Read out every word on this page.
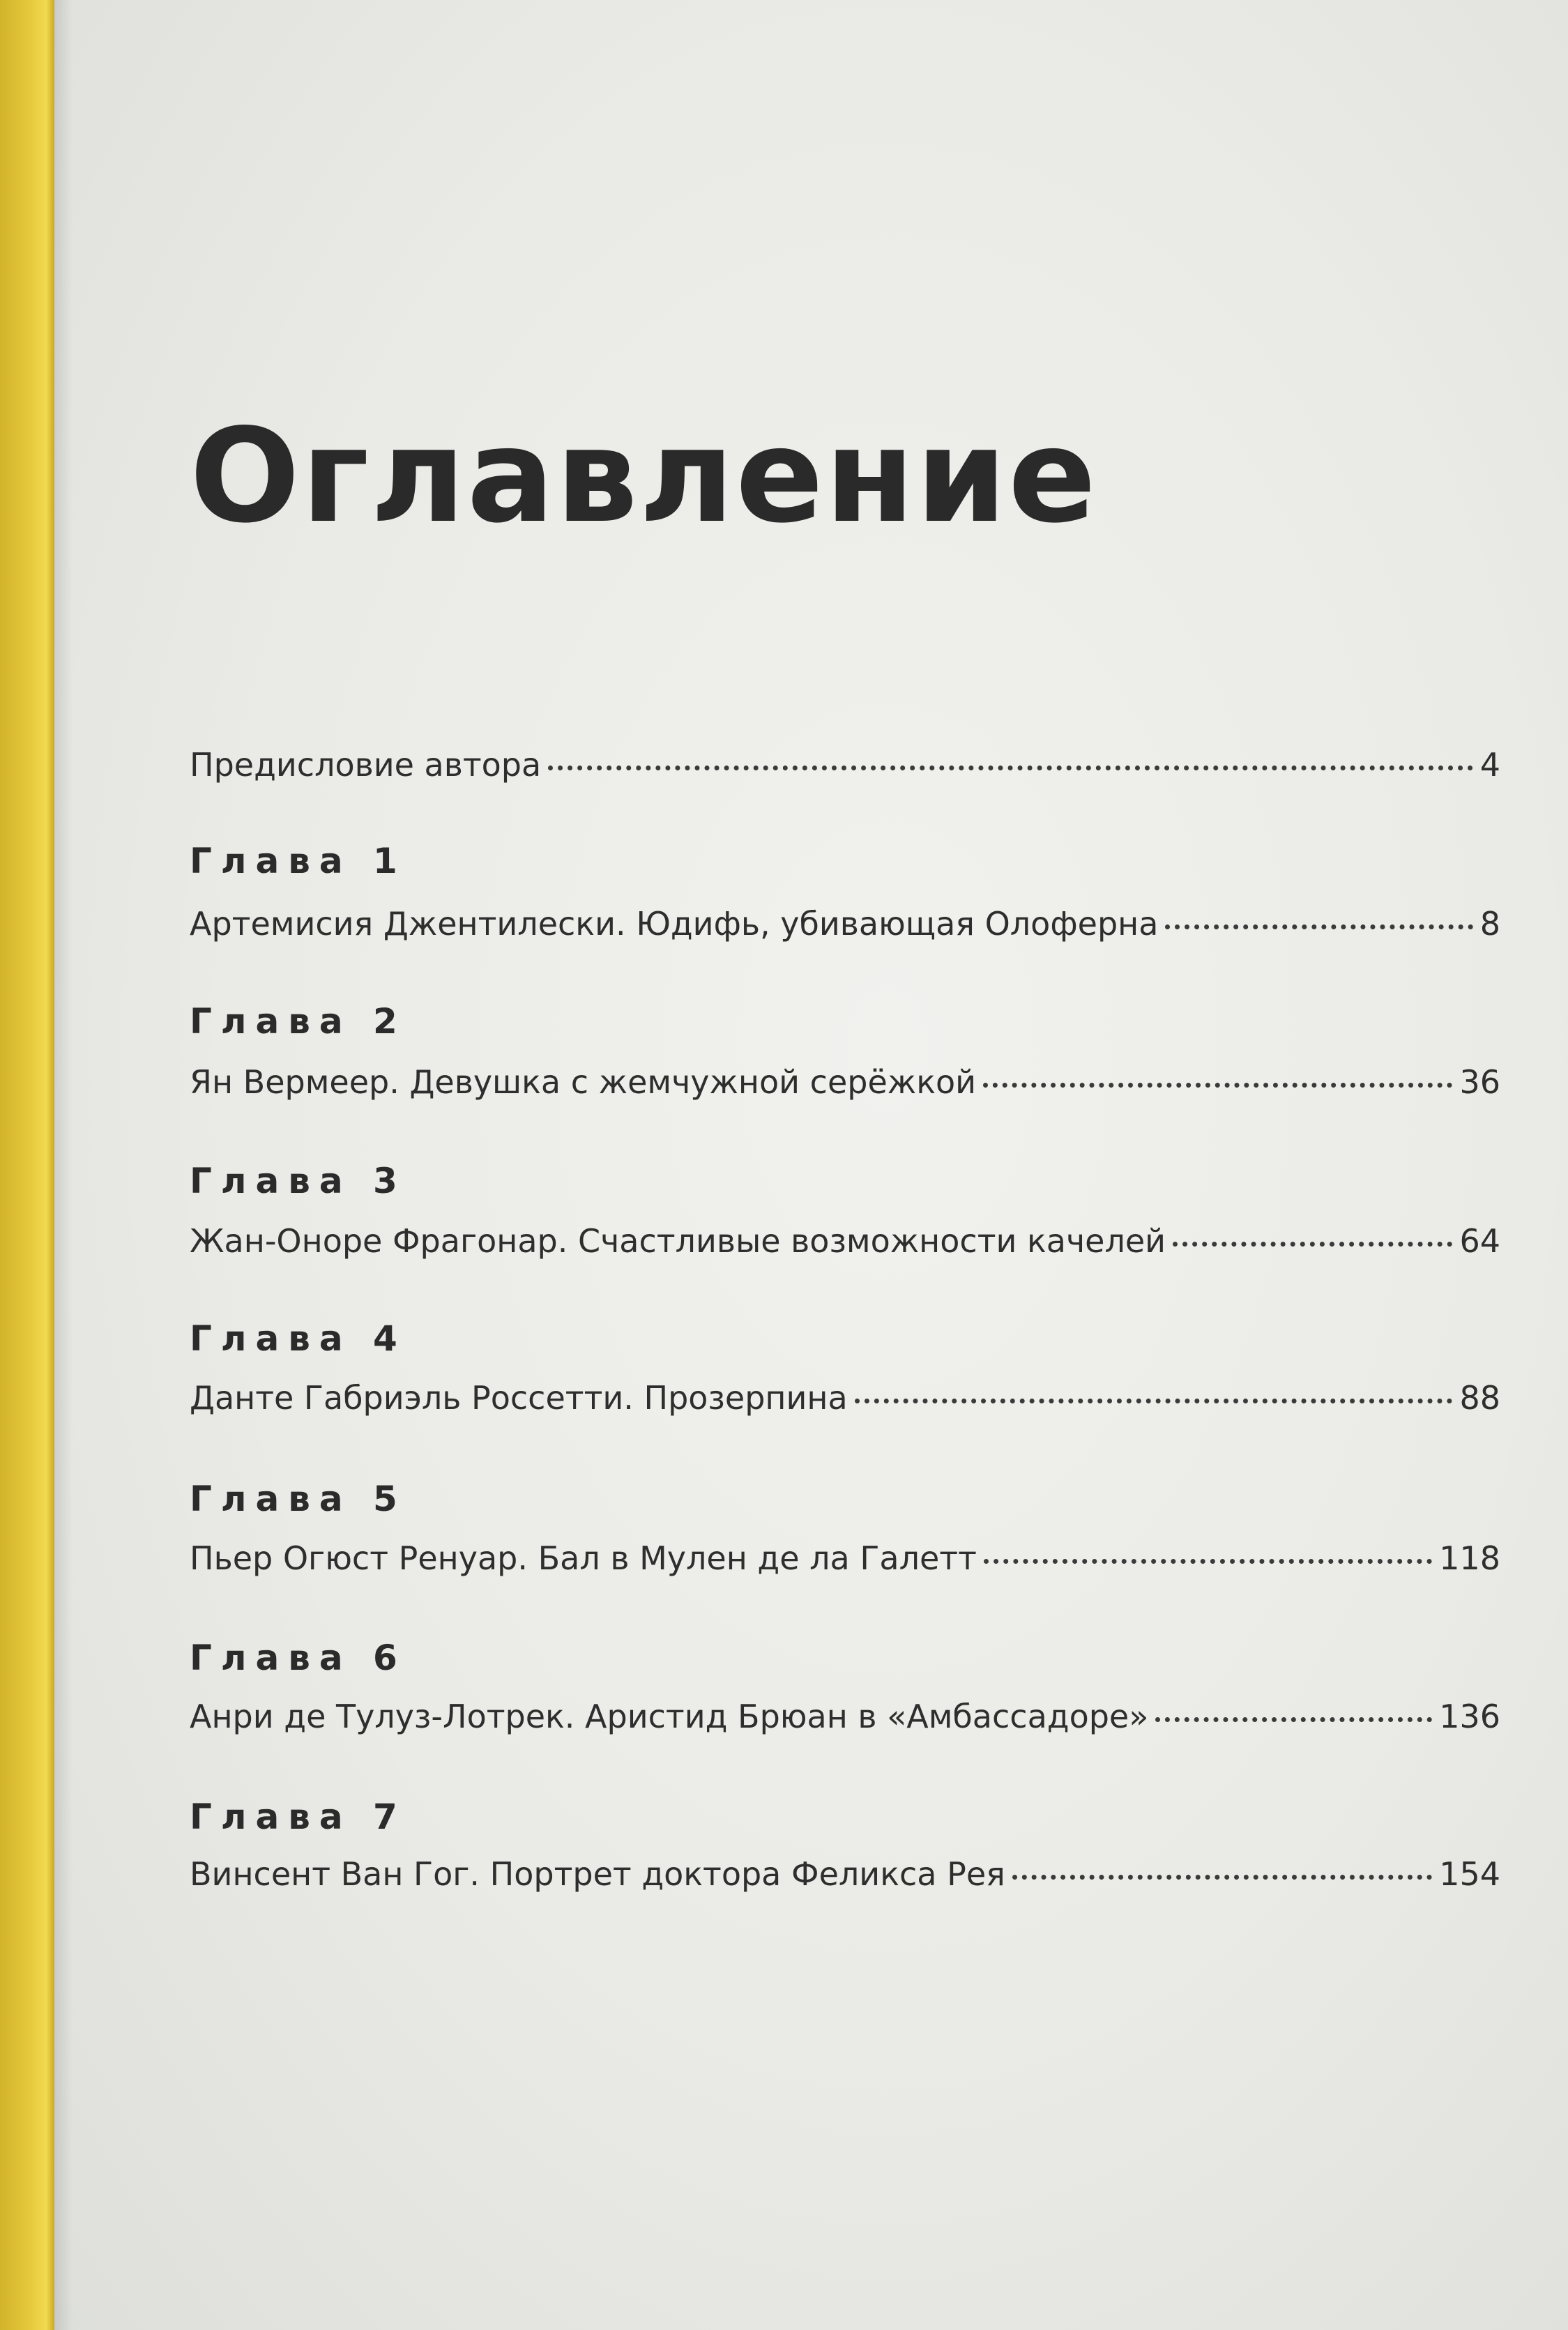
Оглавление
Предисловие автора	4
Глава 1
Артемисия Джентилески. Юдифь, убивающая Олоферна	8
Глава 2
Ян Вермеер. Девушка с жемчужной серёжкой	36
Глава 3
Жан-Оноре Фрагонар. Счастливые возможности качелей	64
Глава 4
Данте Габриэль Россетти. Прозерпина	88
Глава 5
Пьер Огюст Ренуар. Бал в Мулен де ла Галетт	118
Глава 6
Анри де Тулуз-Лотрек. Аристид Брюан в «Амбассадоре»	136
Глава 7
Винсент Ван Гог. Портрет доктора Феликса Рея	154
